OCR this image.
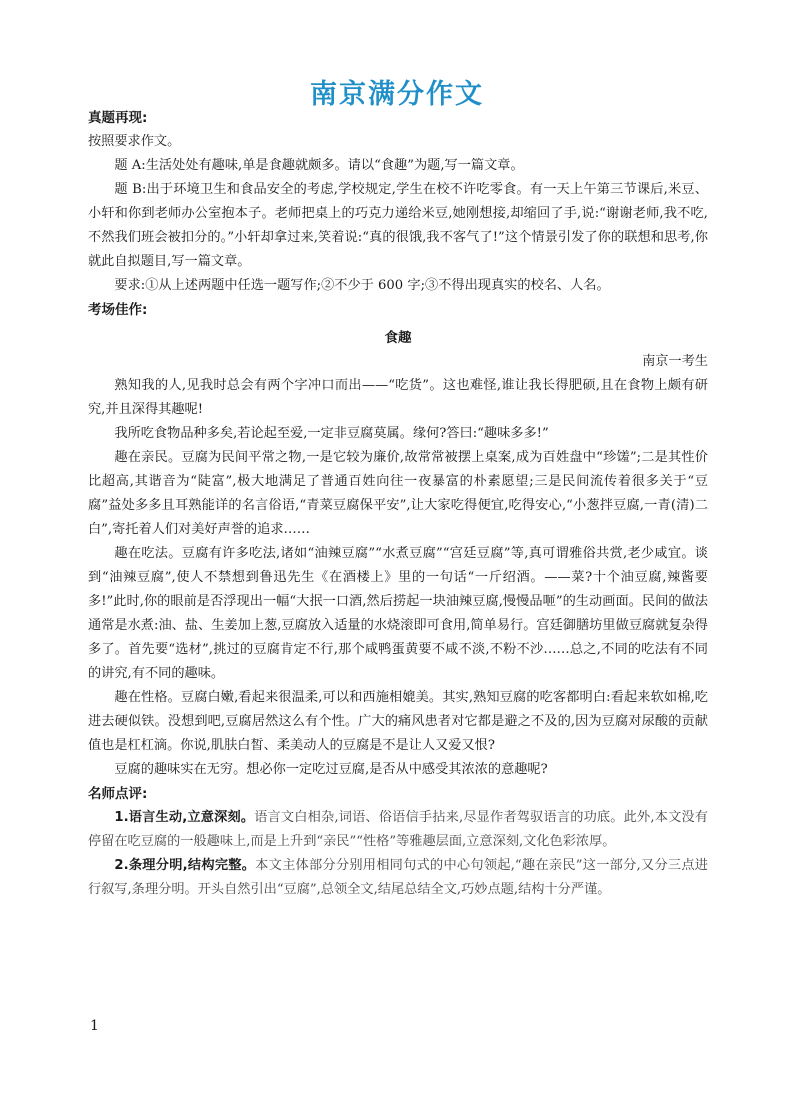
南京满分作文

真题再现:

按照要求作文。

题 A:生活处处有趣味,单是食趣就颇多。请以“食趣”为题,写一篇文章。

题 B:出于环境卫生和食品安全的考虑,学校规定,学生在校不许吃零食。有一天上午第三节课后,米豆、小轩和你到老师办公室抱本子。老师把桌上的巧克力递给米豆,她刚想接,却缩回了手,说:“谢谢老师,我不吃,不然我们班会被扣分的。”小轩却拿过来,笑着说:“真的很饿,我不客气了!”这个情景引发了你的联想和思考,你就此自拟题目,写一篇文章。

要求:①从上述两题中任选一题写作;②不少于 600 字;③不得出现真实的校名、人名。

考场佳作:

食趣

南京一考生

熟知我的人,见我时总会有两个字冲口而出——“吃货”。这也难怪,谁让我长得肥硕,且在食物上颇有研究,并且深得其趣呢!

我所吃食物品种多矣,若论起至爱,一定非豆腐莫属。缘何?答曰:“趣味多多!”

趣在亲民。豆腐为民间平常之物,一是它较为廉价,故常常被摆上桌案,成为百姓盘中“珍馐”;二是其性价比超高,其谐音为“陡富”,极大地满足了普通百姓向往一夜暴富的朴素愿望;三是民间流传着很多关于“豆腐”益处多多且耳熟能详的名言俗语,“青菜豆腐保平安”,让大家吃得便宜,吃得安心,“小葱拌豆腐,一青(清)二白”,寄托着人们对美好声誉的追求……

趣在吃法。豆腐有许多吃法,诸如“油辣豆腐”“水煮豆腐”“宫廷豆腐”等,真可谓雅俗共赏,老少咸宜。谈到“油辣豆腐”,使人不禁想到鲁迅先生《在酒楼上》里的一句话“一斤绍酒。——菜?十个油豆腐,辣酱要多!”此时,你的眼前是否浮现出一幅“大抿一口酒,然后捞起一块油辣豆腐,慢慢品咂”的生动画面。民间的做法通常是水煮:油、盐、生姜加上葱,豆腐放入适量的水烧滚即可食用,简单易行。宫廷御膳坊里做豆腐就复杂得多了。首先要“选材”,挑过的豆腐肯定不行,那个咸鸭蛋黄要不咸不淡,不粉不沙……总之,不同的吃法有不同的讲究,有不同的趣味。

趣在性格。豆腐白嫩,看起来很温柔,可以和西施相媲美。其实,熟知豆腐的吃客都明白:看起来软如棉,吃进去硬似铁。没想到吧,豆腐居然这么有个性。广大的痛风患者对它都是避之不及的,因为豆腐对尿酸的贡献值也是杠杠滴。你说,肌肤白皙、柔美动人的豆腐是不是让人又爱又恨?

豆腐的趣味实在无穷。想必你一定吃过豆腐,是否从中感受其浓浓的意趣呢?

名师点评:

1.语言生动,立意深刻。语言文白相杂,词语、俗语信手拈来,尽显作者驾驭语言的功底。此外,本文没有停留在吃豆腐的一般趣味上,而是上升到“亲民”“性格”等雅趣层面,立意深刻,文化色彩浓厚。

2.条理分明,结构完整。本文主体部分分别用相同句式的中心句领起,“趣在亲民”这一部分,又分三点进行叙写,条理分明。开头自然引出“豆腐”,总领全文,结尾总结全文,巧妙点题,结构十分严谨。

1
